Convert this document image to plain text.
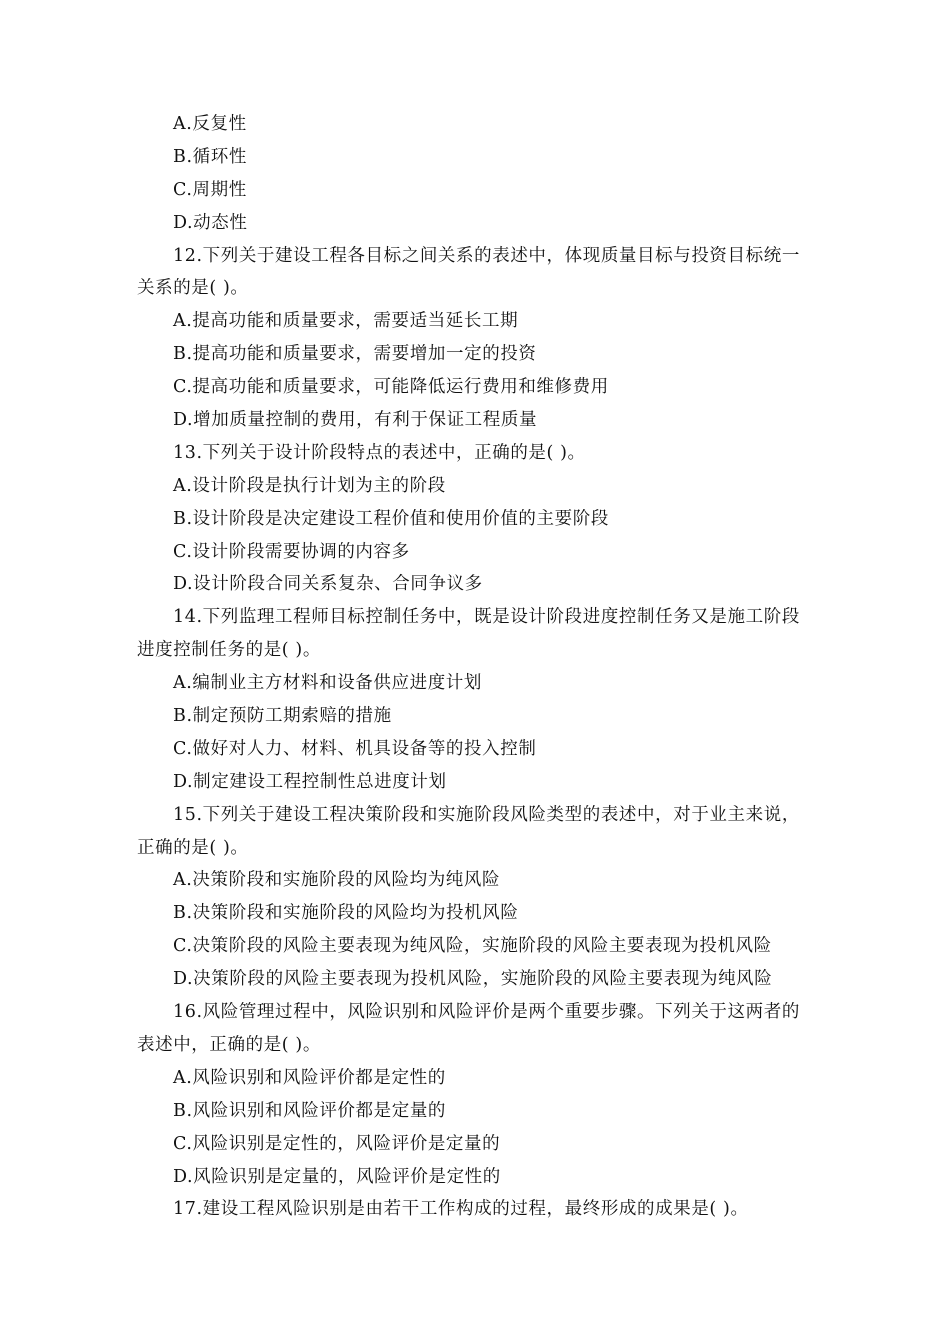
A.反复性
B.循环性
C.周期性
D.动态性
12.下列关于建设工程各目标之间关系的表述中，体现质量目标与投资目标统一
关系的是( )。
A.提高功能和质量要求，需要适当延长工期
B.提高功能和质量要求，需要增加一定的投资
C.提高功能和质量要求，可能降低运行费用和维修费用
D.增加质量控制的费用，有利于保证工程质量
13.下列关于设计阶段特点的表述中，正确的是( )。
A.设计阶段是执行计划为主的阶段
B.设计阶段是决定建设工程价值和使用价值的主要阶段
C.设计阶段需要协调的内容多
D.设计阶段合同关系复杂、合同争议多
14.下列监理工程师目标控制任务中，既是设计阶段进度控制任务又是施工阶段
进度控制任务的是( )。
A.编制业主方材料和设备供应进度计划
B.制定预防工期索赔的措施
C.做好对人力、材料、机具设备等的投入控制
D.制定建设工程控制性总进度计划
15.下列关于建设工程决策阶段和实施阶段风险类型的表述中，对于业主来说，
正确的是( )。
A.决策阶段和实施阶段的风险均为纯风险
B.决策阶段和实施阶段的风险均为投机风险
C.决策阶段的风险主要表现为纯风险，实施阶段的风险主要表现为投机风险
D.决策阶段的风险主要表现为投机风险，实施阶段的风险主要表现为纯风险
16.风险管理过程中，风险识别和风险评价是两个重要步骤。下列关于这两者的
表述中，正确的是( )。
A.风险识别和风险评价都是定性的
B.风险识别和风险评价都是定量的
C.风险识别是定性的，风险评价是定量的
D.风险识别是定量的，风险评价是定性的
17.建设工程风险识别是由若干工作构成的过程，最终形成的成果是( )。
